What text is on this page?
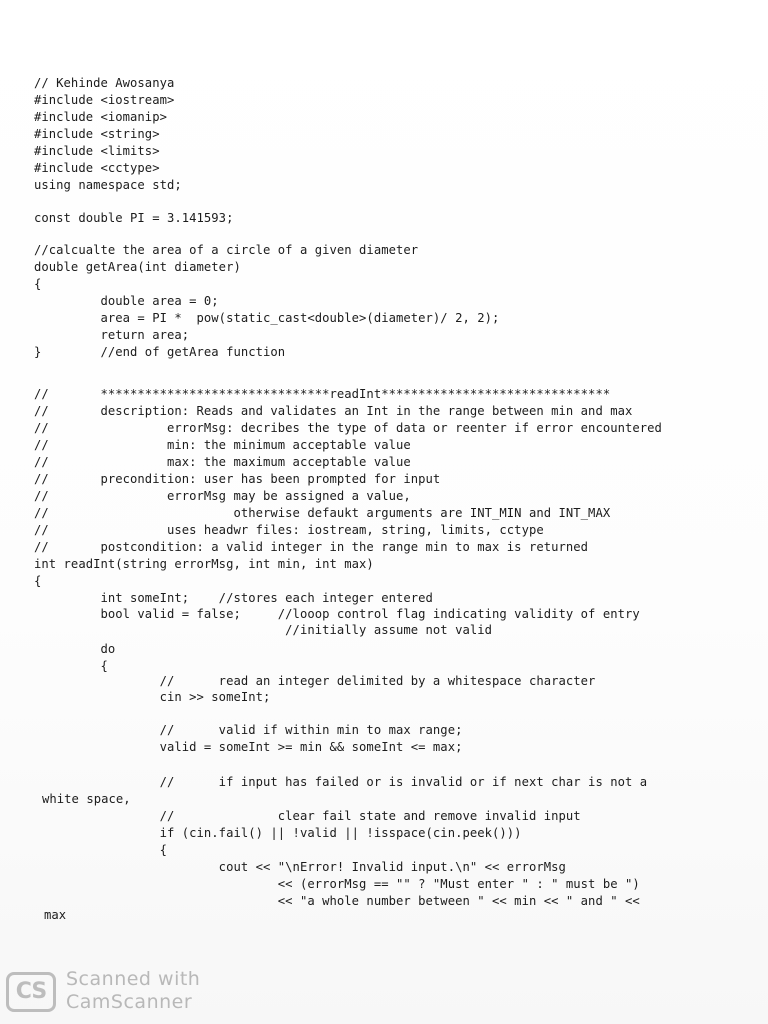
// Kehinde Awosanya
#include <iostream>
#include <iomanip>
#include <string>
#include <limits>
#include <cctype>
using namespace std;
const double PI = 3.141593;
//calcualte the area of a circle of a given diameter
double getArea(int diameter)
{
double area = 0;
area = PI *  pow(static_cast<double>(diameter)/ 2, 2);
return area;
}        //end of getArea function
//       *******************************readInt*******************************
//       description: Reads and validates an Int in the range between min and max
//                errorMsg: decribes the type of data or reenter if error encountered
//                min: the minimum acceptable value
//                max: the maximum acceptable value
//       precondition: user has been prompted for input
//                errorMsg may be assigned a value,
//                         otherwise defaukt arguments are INT_MIN and INT_MAX
//                uses headwr files: iostream, string, limits, cctype
//       postcondition: a valid integer in the range min to max is returned
int readInt(string errorMsg, int min, int max)
{
int someInt;    //stores each integer entered
bool valid = false;     //looop control flag indicating validity of entry
//initially assume not valid
do
{
//      read an integer delimited by a whitespace character
cin >> someInt;
//      valid if within min to max range;
valid = someInt >= min && someInt <= max;
//      if input has failed or is invalid or if next char is not a
white space,
//              clear fail state and remove invalid input
if (cin.fail() || !valid || !isspace(cin.peek()))
{
cout << "\nError! Invalid input.\n" << errorMsg
<< (errorMsg == "" ? "Must enter " : " must be ")
<< "a whole number between " << min << " and " <<
max
CS	Scanned with
CamScanner
